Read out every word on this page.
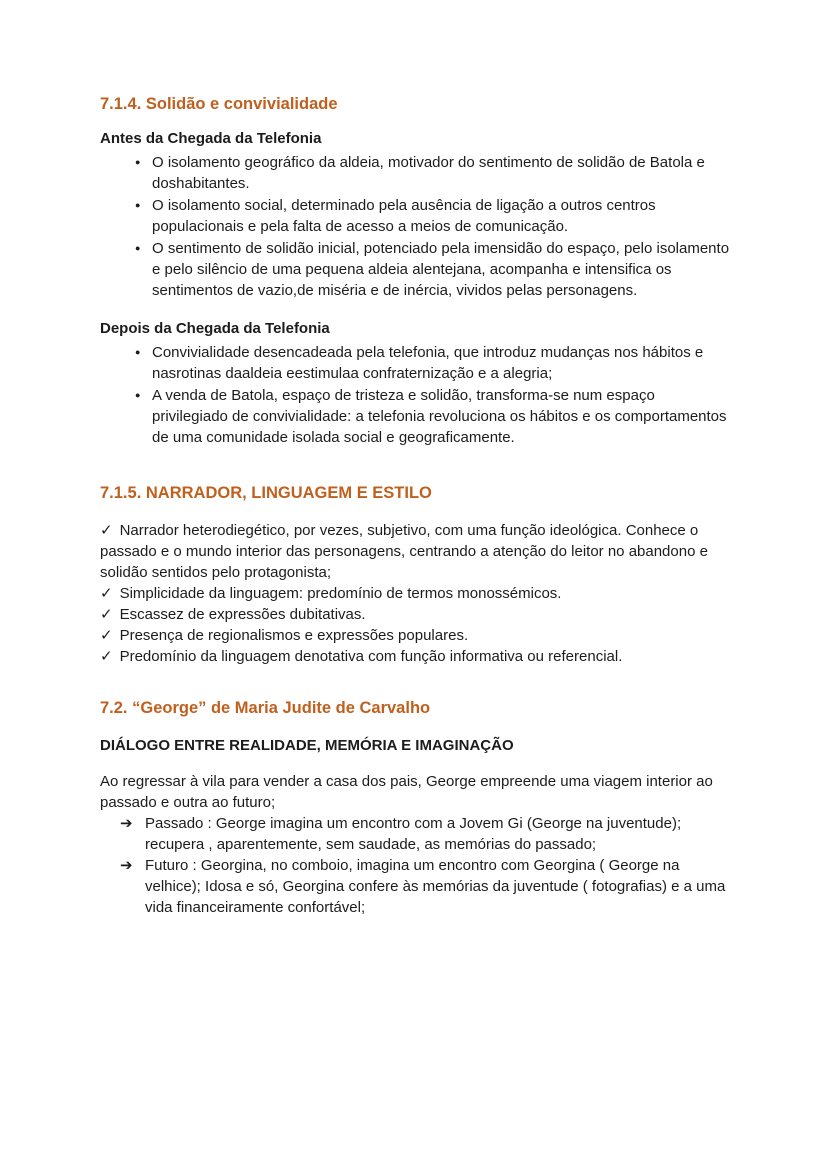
7.1.4. Solidão e convivialidade

Antes da Chegada da Telefonia

● O isolamento geográfico da aldeia, motivador do sentimento de solidão de Batola e doshabitantes.
● O isolamento social, determinado pela ausência de ligação a outros centros populacionais e pela falta de acesso a meios de comunicação.
● O sentimento de solidão inicial, potenciado pela imensidão do espaço, pelo isolamento e pelo silêncio de uma pequena aldeia alentejana, acompanha e intensifica os sentimentos de vazio,de miséria e de inércia, vividos pelas personagens.

Depois da Chegada da Telefonia

● Convivialidade desencadeada pela telefonia, que introduz mudanças nos hábitos e nasrotinas daaldeia eestimulaa confraternização e a alegria;
● A venda de Batola, espaço de tristeza e solidão, transforma-se num espaço privilegiado de convivialidade: a telefonia revoluciona os hábitos e os comportamentos de uma comunidade isolada social e geograficamente.
7.1.5. NARRADOR, LINGUAGEM E ESTILO

✓ Narrador heterodiegético, por vezes, subjetivo, com uma função ideológica. Conhece o passado e o mundo interior das personagens, centrando a atenção do leitor no abandono e solidão sentidos pelo protagonista;

✓ Simplicidade da linguagem: predomínio de termos monossémicos.

✓ Escassez de expressões dubitativas.

✓ Presença de regionalismos e expressões populares.

✓ Predomínio da linguagem denotativa com função informativa ou referencial.

7.2. “George” de Maria Judite de Carvalho

DIÁLOGO ENTRE REALIDADE, MEMÓRIA E IMAGINAÇÃO

Ao regressar à vila para vender a casa dos pais, George empreende uma viagem interior ao passado e outra ao futuro;

➔ Passado : George imagina um encontro com a Jovem Gi (George na juventude); recupera , aparentemente, sem saudade, as memórias do passado;
➔ Futuro : Georgina, no comboio, imagina um encontro com Georgina ( George na velhice); Idosa e só, Georgina confere às memórias da juventude ( fotografias) e a uma vida financeiramente confortável;
